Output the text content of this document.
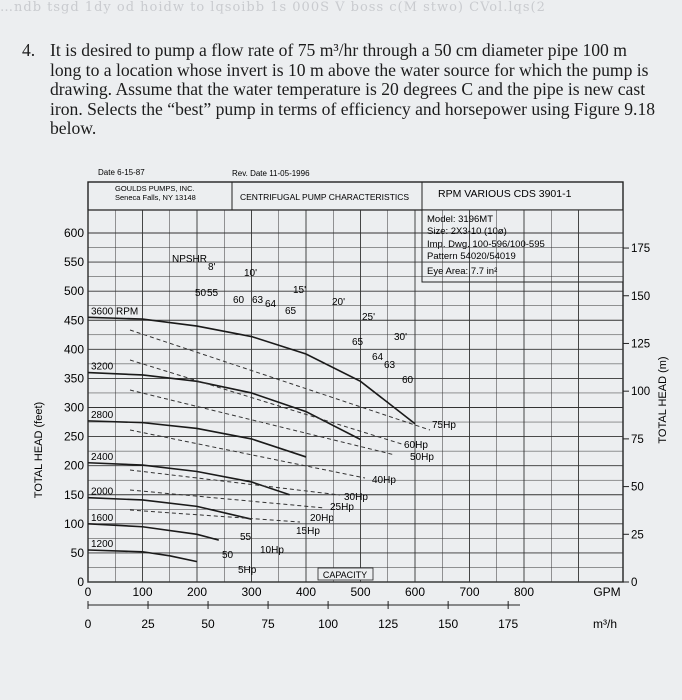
…ndb tsgd 1dy od hoidw to lqsoibb 1s 000S V boss c(M stwo) CVol.lqs(2
4. It is desired to pump a flow rate of 75 m³/hr through a 50 cm diameter pipe 100 m long to a location whose invert is 10 m above the water source for which the pump is drawing. Assume that the water temperature is 20 degrees C and the pipe is new cast iron. Selects the “best” pump in terms of efficiency and horsepower using Figure 9.18 below.
Date 6-15-87	Rev. Date 11-05-1996
GOULDS PUMPS, INC.
Seneca Falls, NY 13148	CENTRIFUGAL PUMP CHARACTERISTICS	RPM VARIOUS CDS 3901-1
3600 RPM
3200
2800
2400
2000
1600
1200
50 55
60 63 64
65
65
64
63
60
55
50
8'
10'
15'
20'
25'
30'
75Hp
60Hp
50Hp
40Hp
30Hp
25Hp
20Hp
15Hp
10Hp
5Hp
Model: 3196MT
Size: 2X3-10 (10ø)
Imp. Dwg. 100-596/100-595
Pattern 54020/54019
Eye Area: 7.7 in²
0
50
100
150
200
250
300
350
400
450
500
550
600
0
25
50
75
100
125
150
175
0	100	200	300	400	500	600	700	800	GPM
0	25	50	75	100	125	150	175	m³/h
TOTAL HEAD (feet)
TOTAL HEAD (m)
NPSHR
CAPACITY
